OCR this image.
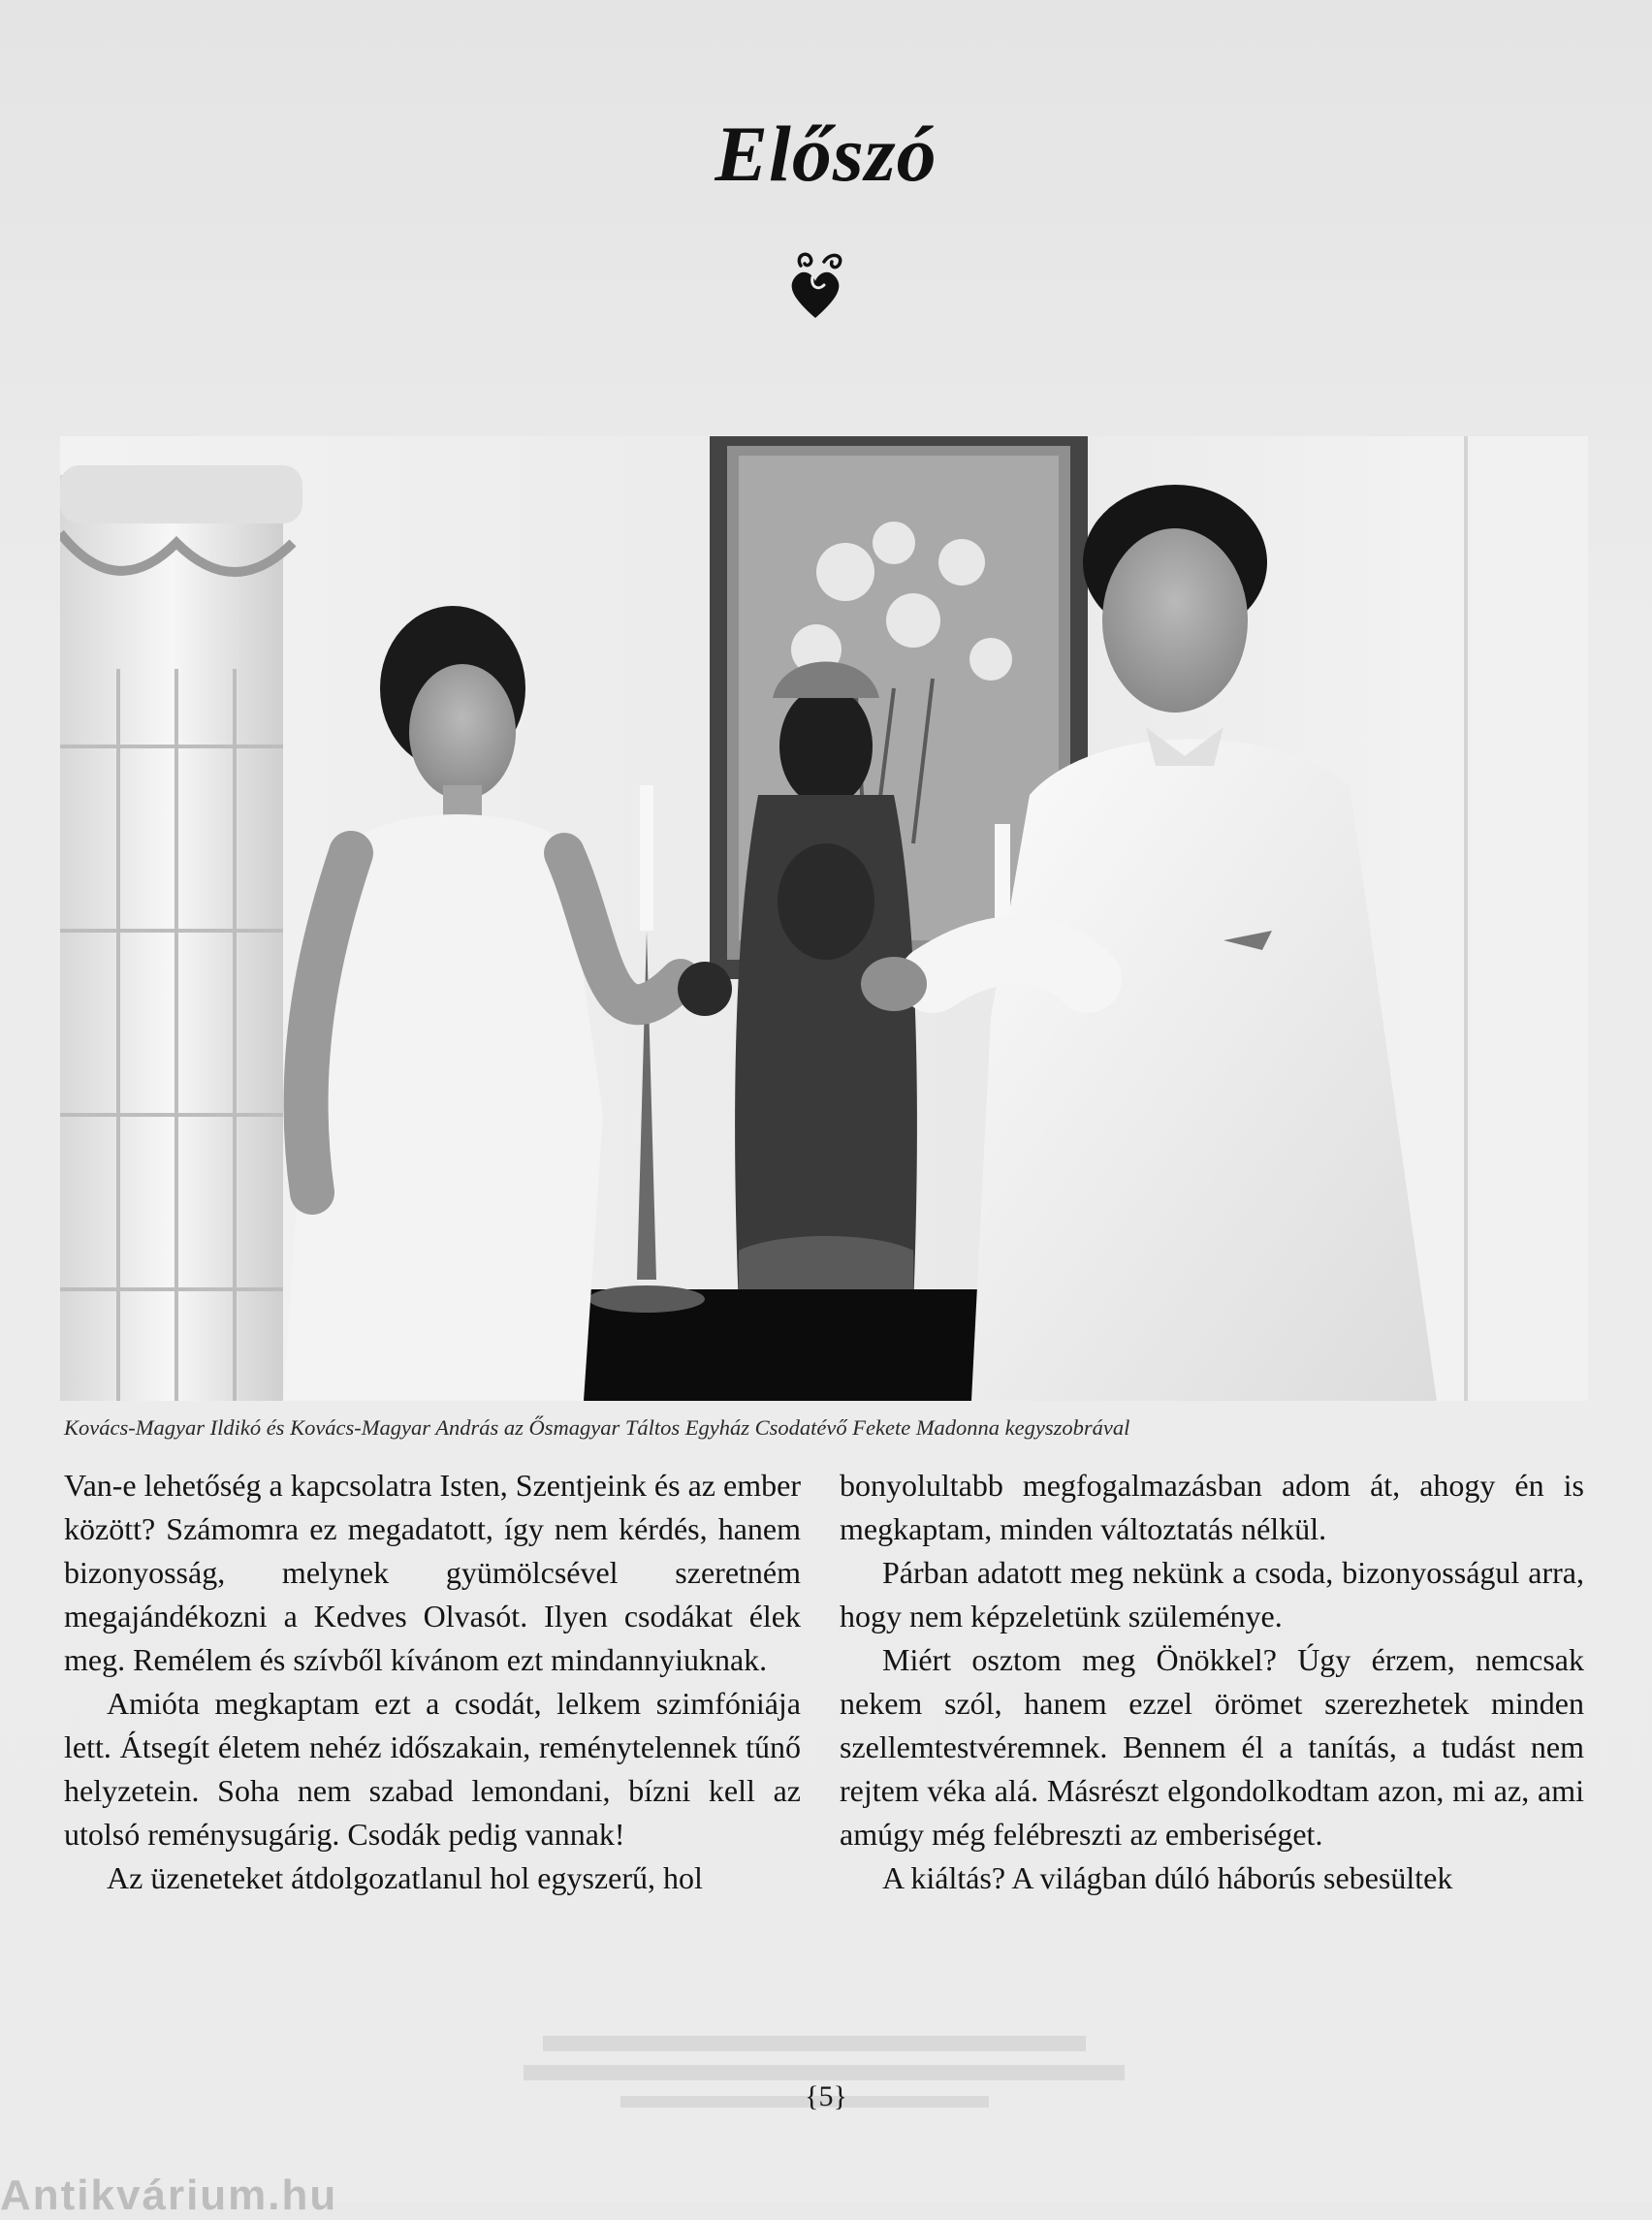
Előszó
Kovács-Magyar Ildikó és Kovács-Magyar András az Ősmagyar Táltos Egyház Csodatévő Fekete Madonna kegyszobrával

Van-e lehetőség a kapcsolatra Isten, Szentjeink és az ember között? Számomra ez megadatott, így nem kérdés, hanem bizonyosság, melynek gyümölcsével szeretném megajándékozni a Kedves Olvasót. Ilyen csodákat élek meg. Remélem és szívből kívánom ezt mindannyiuknak.

Amióta megkaptam ezt a csodát, lelkem szimfóniája lett. Átsegít életem nehéz időszakain, reménytelennek tűnő helyzetein. Soha nem szabad lemondani, bízni kell az utolsó reménysugárig. Csodák pedig vannak!

Az üzeneteket átdolgozatlanul hol egyszerű, hol

bonyolultabb megfogalmazásban adom át, ahogy én is megkaptam, minden változtatás nélkül.

Párban adatott meg nekünk a csoda, bizonyosságul arra, hogy nem képzeletünk szüleménye.

Miért osztom meg Önökkel? Úgy érzem, nemcsak nekem szól, hanem ezzel örömet szerezhetek minden szellemtestvéremnek. Bennem él a tanítás, a tudást nem rejtem véka alá. Másrészt elgondolkodtam azon, mi az, ami amúgy még felébreszti az emberiséget.

A kiáltás? A világban dúló háborús sebesültek

{5}
Antikvárium.hu
